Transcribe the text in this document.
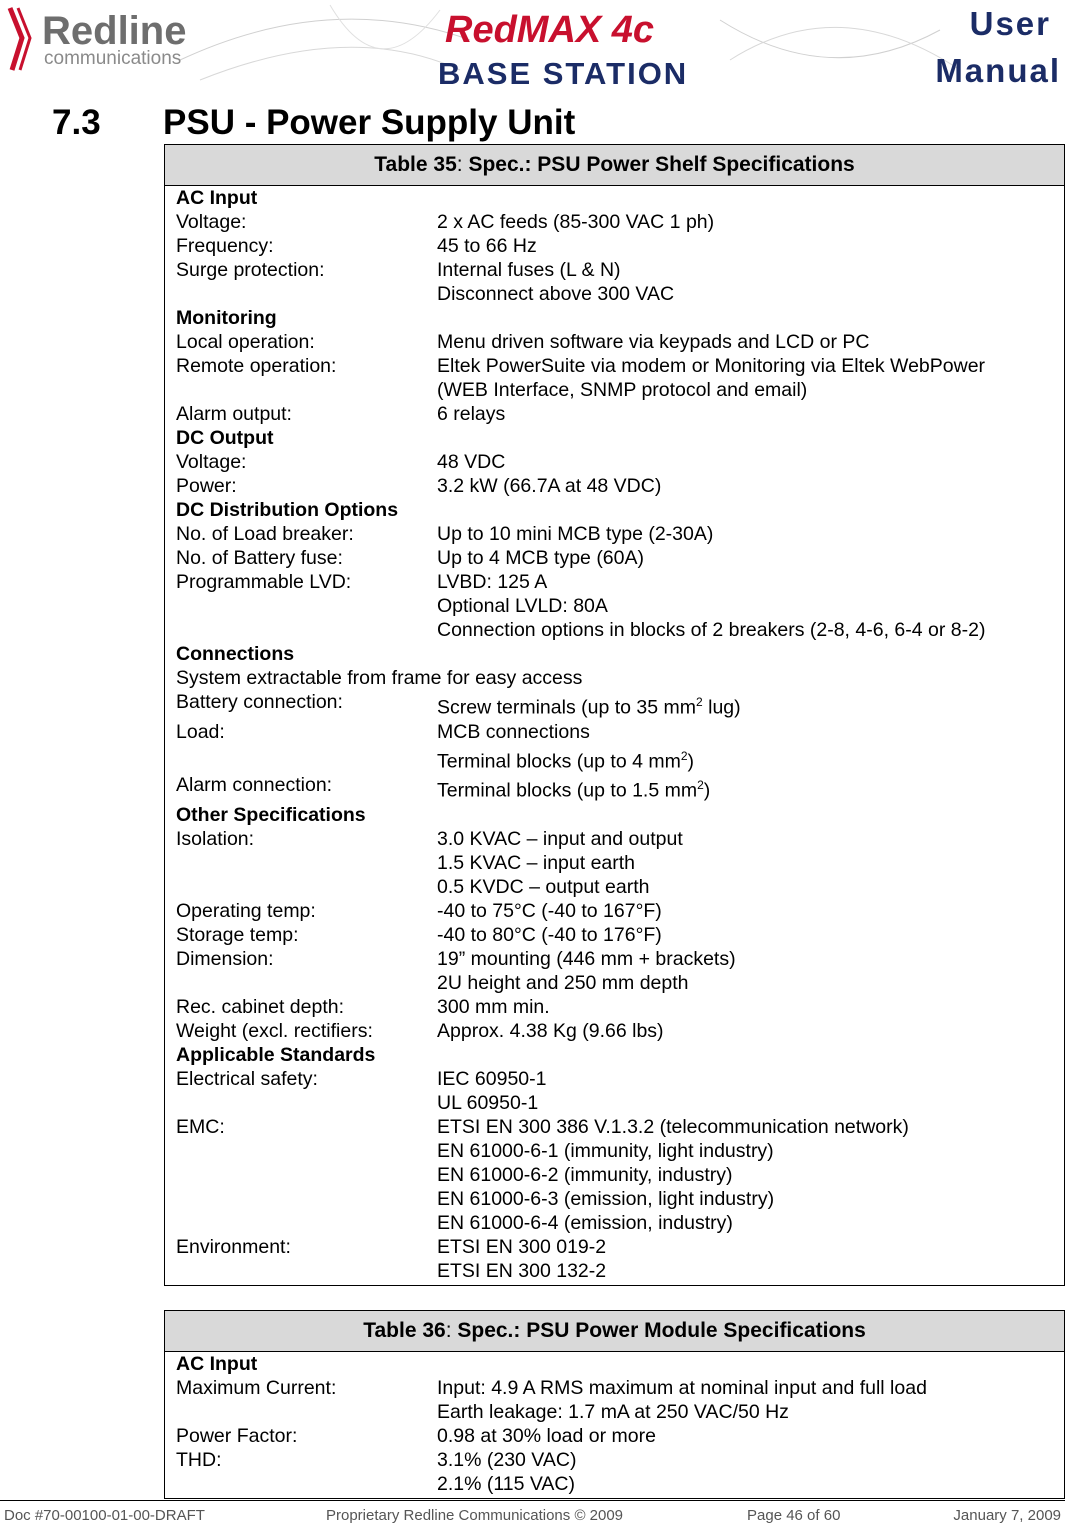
Redline
communications
RedMAX 4c
BASE STATION
User
Manual
7.3 PSU - Power Supply Unit
Table 35: Spec.: PSU Power Shelf Specifications
AC Input
Voltage:	2 x AC feeds (85-300 VAC 1 ph)
Frequency:	45 to 66 Hz
Surge protection:	Internal fuses (L & N)
Disconnect above 300 VAC
Monitoring
Local operation:	Menu driven software via keypads and LCD or PC
Remote operation:	Eltek PowerSuite via modem or Monitoring via Eltek WebPower
(WEB Interface, SNMP protocol and email)
Alarm output:	6 relays
DC Output
Voltage:	48 VDC
Power:	3.2 kW (66.7A at 48 VDC)
DC Distribution Options
No. of Load breaker:	Up to 10 mini MCB type (2-30A)
No. of Battery fuse:	Up to 4 MCB type (60A)
Programmable LVD:	LVBD: 125 A
Optional LVLD: 80A
Connection options in blocks of 2 breakers (2-8, 4-6, 6-4 or 8-2)
Connections
System extractable from frame for easy access
Battery connection:	Screw terminals (up to 35 $mm^2$ lug)
Load:	MCB connections
Terminal blocks (up to 4 $mm^2$)
Alarm connection:	Terminal blocks (up to 1.5 $mm^2$)
Other Specifications
Isolation:	3.0 KVAC – input and output
1.5 KVAC – input earth
0.5 KVDC – output earth
Operating temp:	-40 to 75°C (-40 to 167°F)
Storage temp:	-40 to 80°C (-40 to 176°F)
Dimension:	19” mounting (446 mm + brackets)
2U height and 250 mm depth
Rec. cabinet depth:	300 mm min.
Weight (excl. rectifiers:	Approx. 4.38 Kg (9.66 lbs)
Applicable Standards
Electrical safety:	IEC 60950-1
UL 60950-1
EMC:	ETSI EN 300 386 V.1.3.2 (telecommunication network)
EN 61000-6-1 (immunity, light industry)
EN 61000-6-2 (immunity, industry)
EN 61000-6-3 (emission, light industry)
EN 61000-6-4 (emission, industry)
Environment:	ETSI EN 300 019-2
ETSI EN 300 132-2
Table 36: Spec.: PSU Power Module Specifications
AC Input
Maximum Current:	Input: 4.9 A RMS maximum at nominal input and full load
Earth leakage: 1.7 mA at 250 VAC/50 Hz
Power Factor:	0.98 at 30% load or more
THD:	3.1% (230 VAC)
2.1% (115 VAC)
Doc #70-00100-01-00-DRAFT	Proprietary Redline Communications © 2009	Page 46 of 60	January 7, 2009
